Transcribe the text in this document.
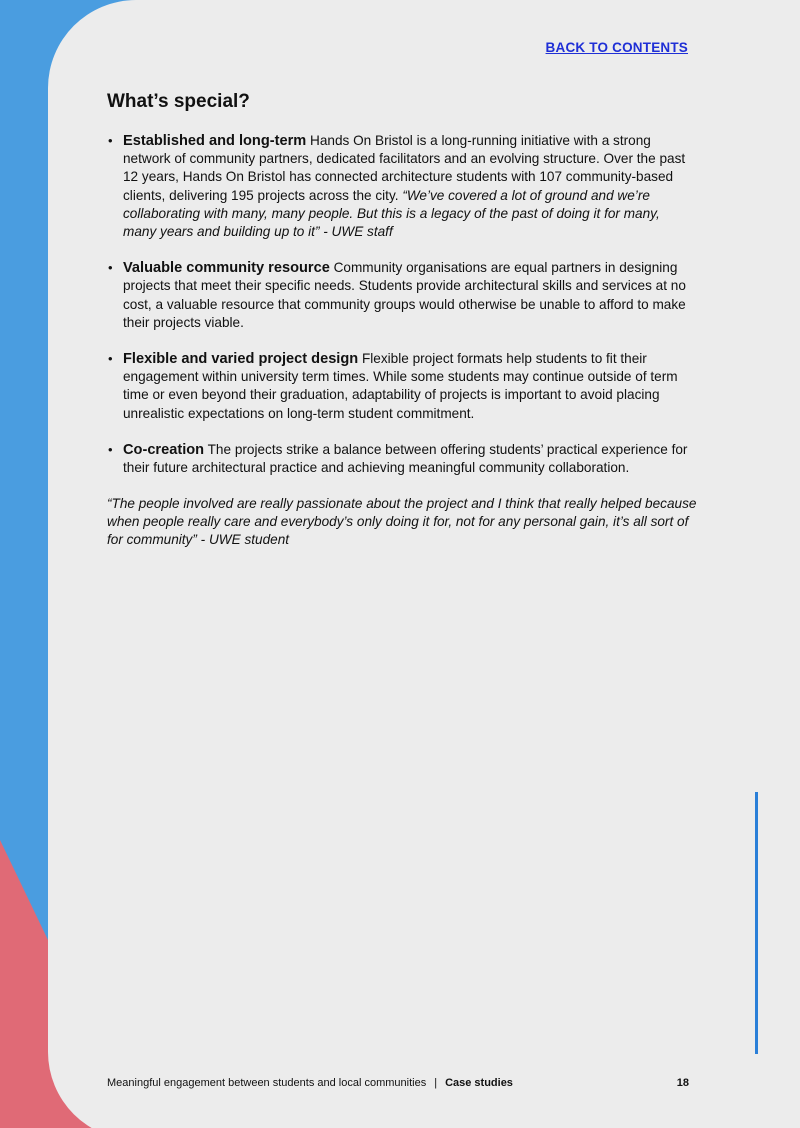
BACK TO CONTENTS
What’s special?
• Established and long-term Hands On Bristol is a long-running initiative with a strong network of community partners, dedicated facilitators and an evolving structure. Over the past 12 years, Hands On Bristol has connected architecture students with 107 community-based clients, delivering 195 projects across the city. “We’ve covered a lot of ground and we’re collaborating with many, many people. But this is a legacy of the past of doing it for many, many years and building up to it” - UWE staff
• Valuable community resource Community organisations are equal partners in designing projects that meet their specific needs. Students provide architectural skills and services at no cost, a valuable resource that community groups would otherwise be unable to afford to make their projects viable.
• Flexible and varied project design Flexible project formats help students to fit their engagement within university term times. While some students may continue outside of term time or even beyond their graduation, adaptability of projects is important to avoid placing unrealistic expectations on long-term student commitment.
• Co-creation The projects strike a balance between offering students’ practical experience for their future architectural practice and achieving meaningful community collaboration.

“The people involved are really passionate about the project and I think that really helped because when people really care and everybody’s only doing it for, not for any personal gain, it’s all sort of for community” - UWE student

Meaningful engagement between students and local communities | Case studies	18
